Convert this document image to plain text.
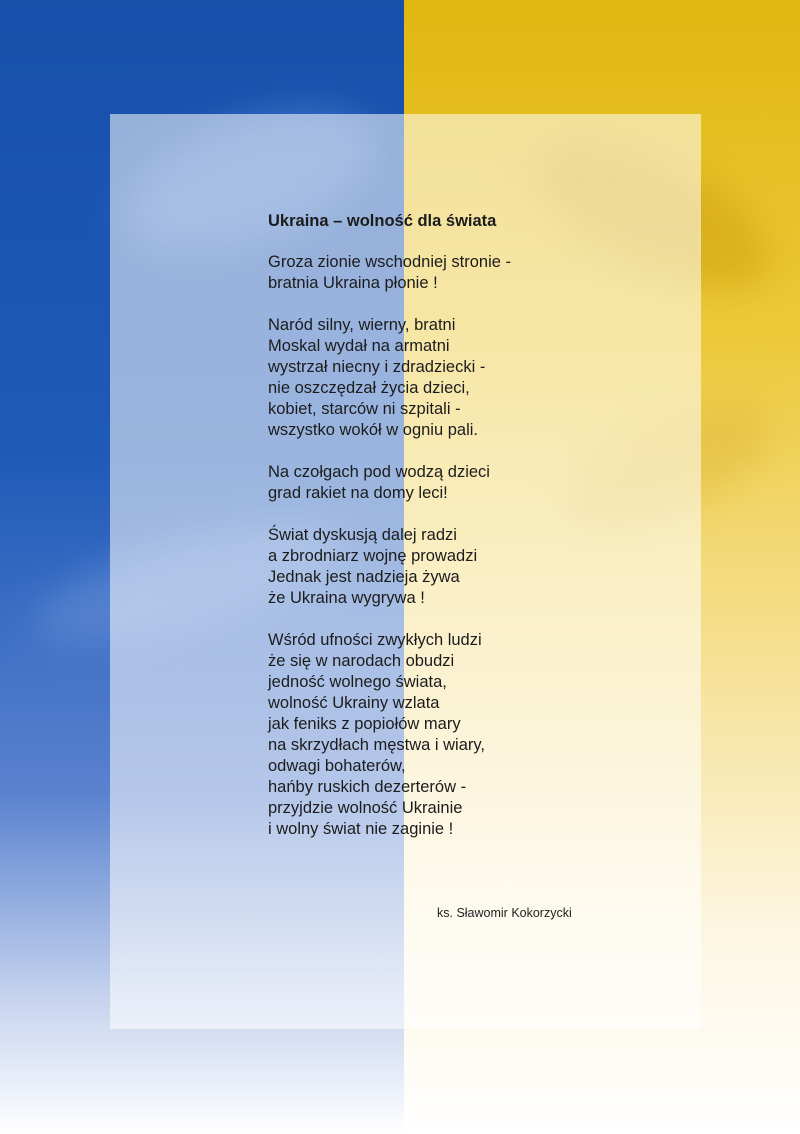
Ukraina – wolność dla świata
Groza zionie wschodniej stronie -
bratnia Ukraina płonie !
Naród silny, wierny, bratni
Moskal wydał na armatni
wystrzał niecny i zdradziecki -
nie oszczędzał życia dzieci,
kobiet, starców ni szpitali -
wszystko wokół w ogniu pali.
Na czołgach pod wodzą dzieci
grad rakiet na domy leci!
Świat dyskusją dalej radzi
a zbrodniarz wojnę prowadzi
Jednak jest nadzieja żywa
że Ukraina wygrywa !
Wśród ufności zwykłych ludzi
że się w narodach obudzi
jedność wolnego świata,
wolność Ukrainy wzlata
jak feniks z popiołów mary
na skrzydłach męstwa i wiary,
odwagi bohaterów,
hańby ruskich dezerterów -
przyjdzie wolność Ukrainie
i wolny świat nie zaginie !
ks. Sławomir Kokorzycki
